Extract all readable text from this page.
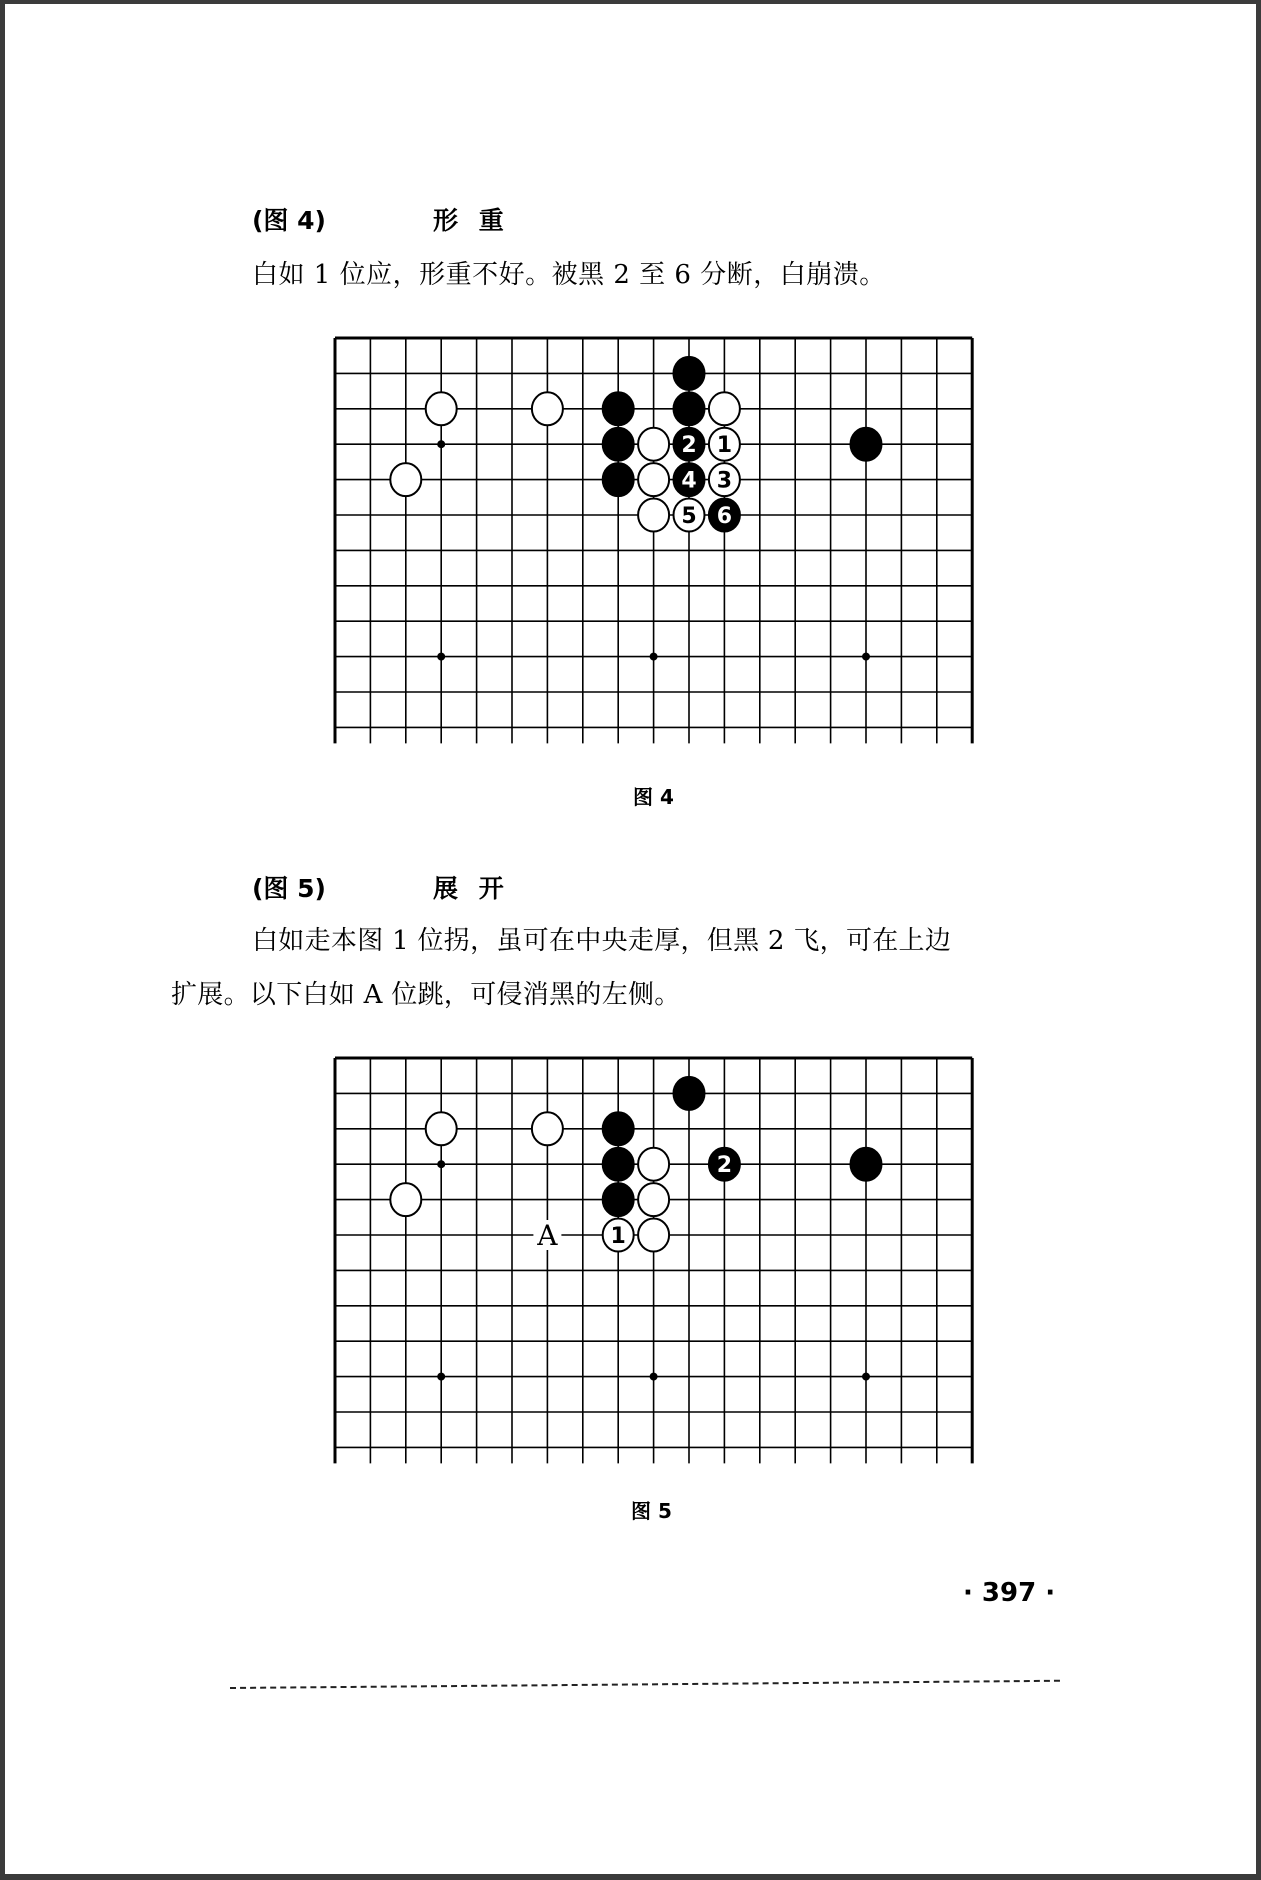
(图 4)	形 重
白如 1 位应，形重不好。被黑 2 至 6 分断，白崩溃。
2 1
4 3
5 6
图 4
(图 5)	展 开
白如走本图 1 位拐，虽可在中央走厚，但黑 2 飞，可在上边
扩展。以下白如 A 位跳，可侵消黑的左侧。
A
2
1
图 5
· 397 ·
